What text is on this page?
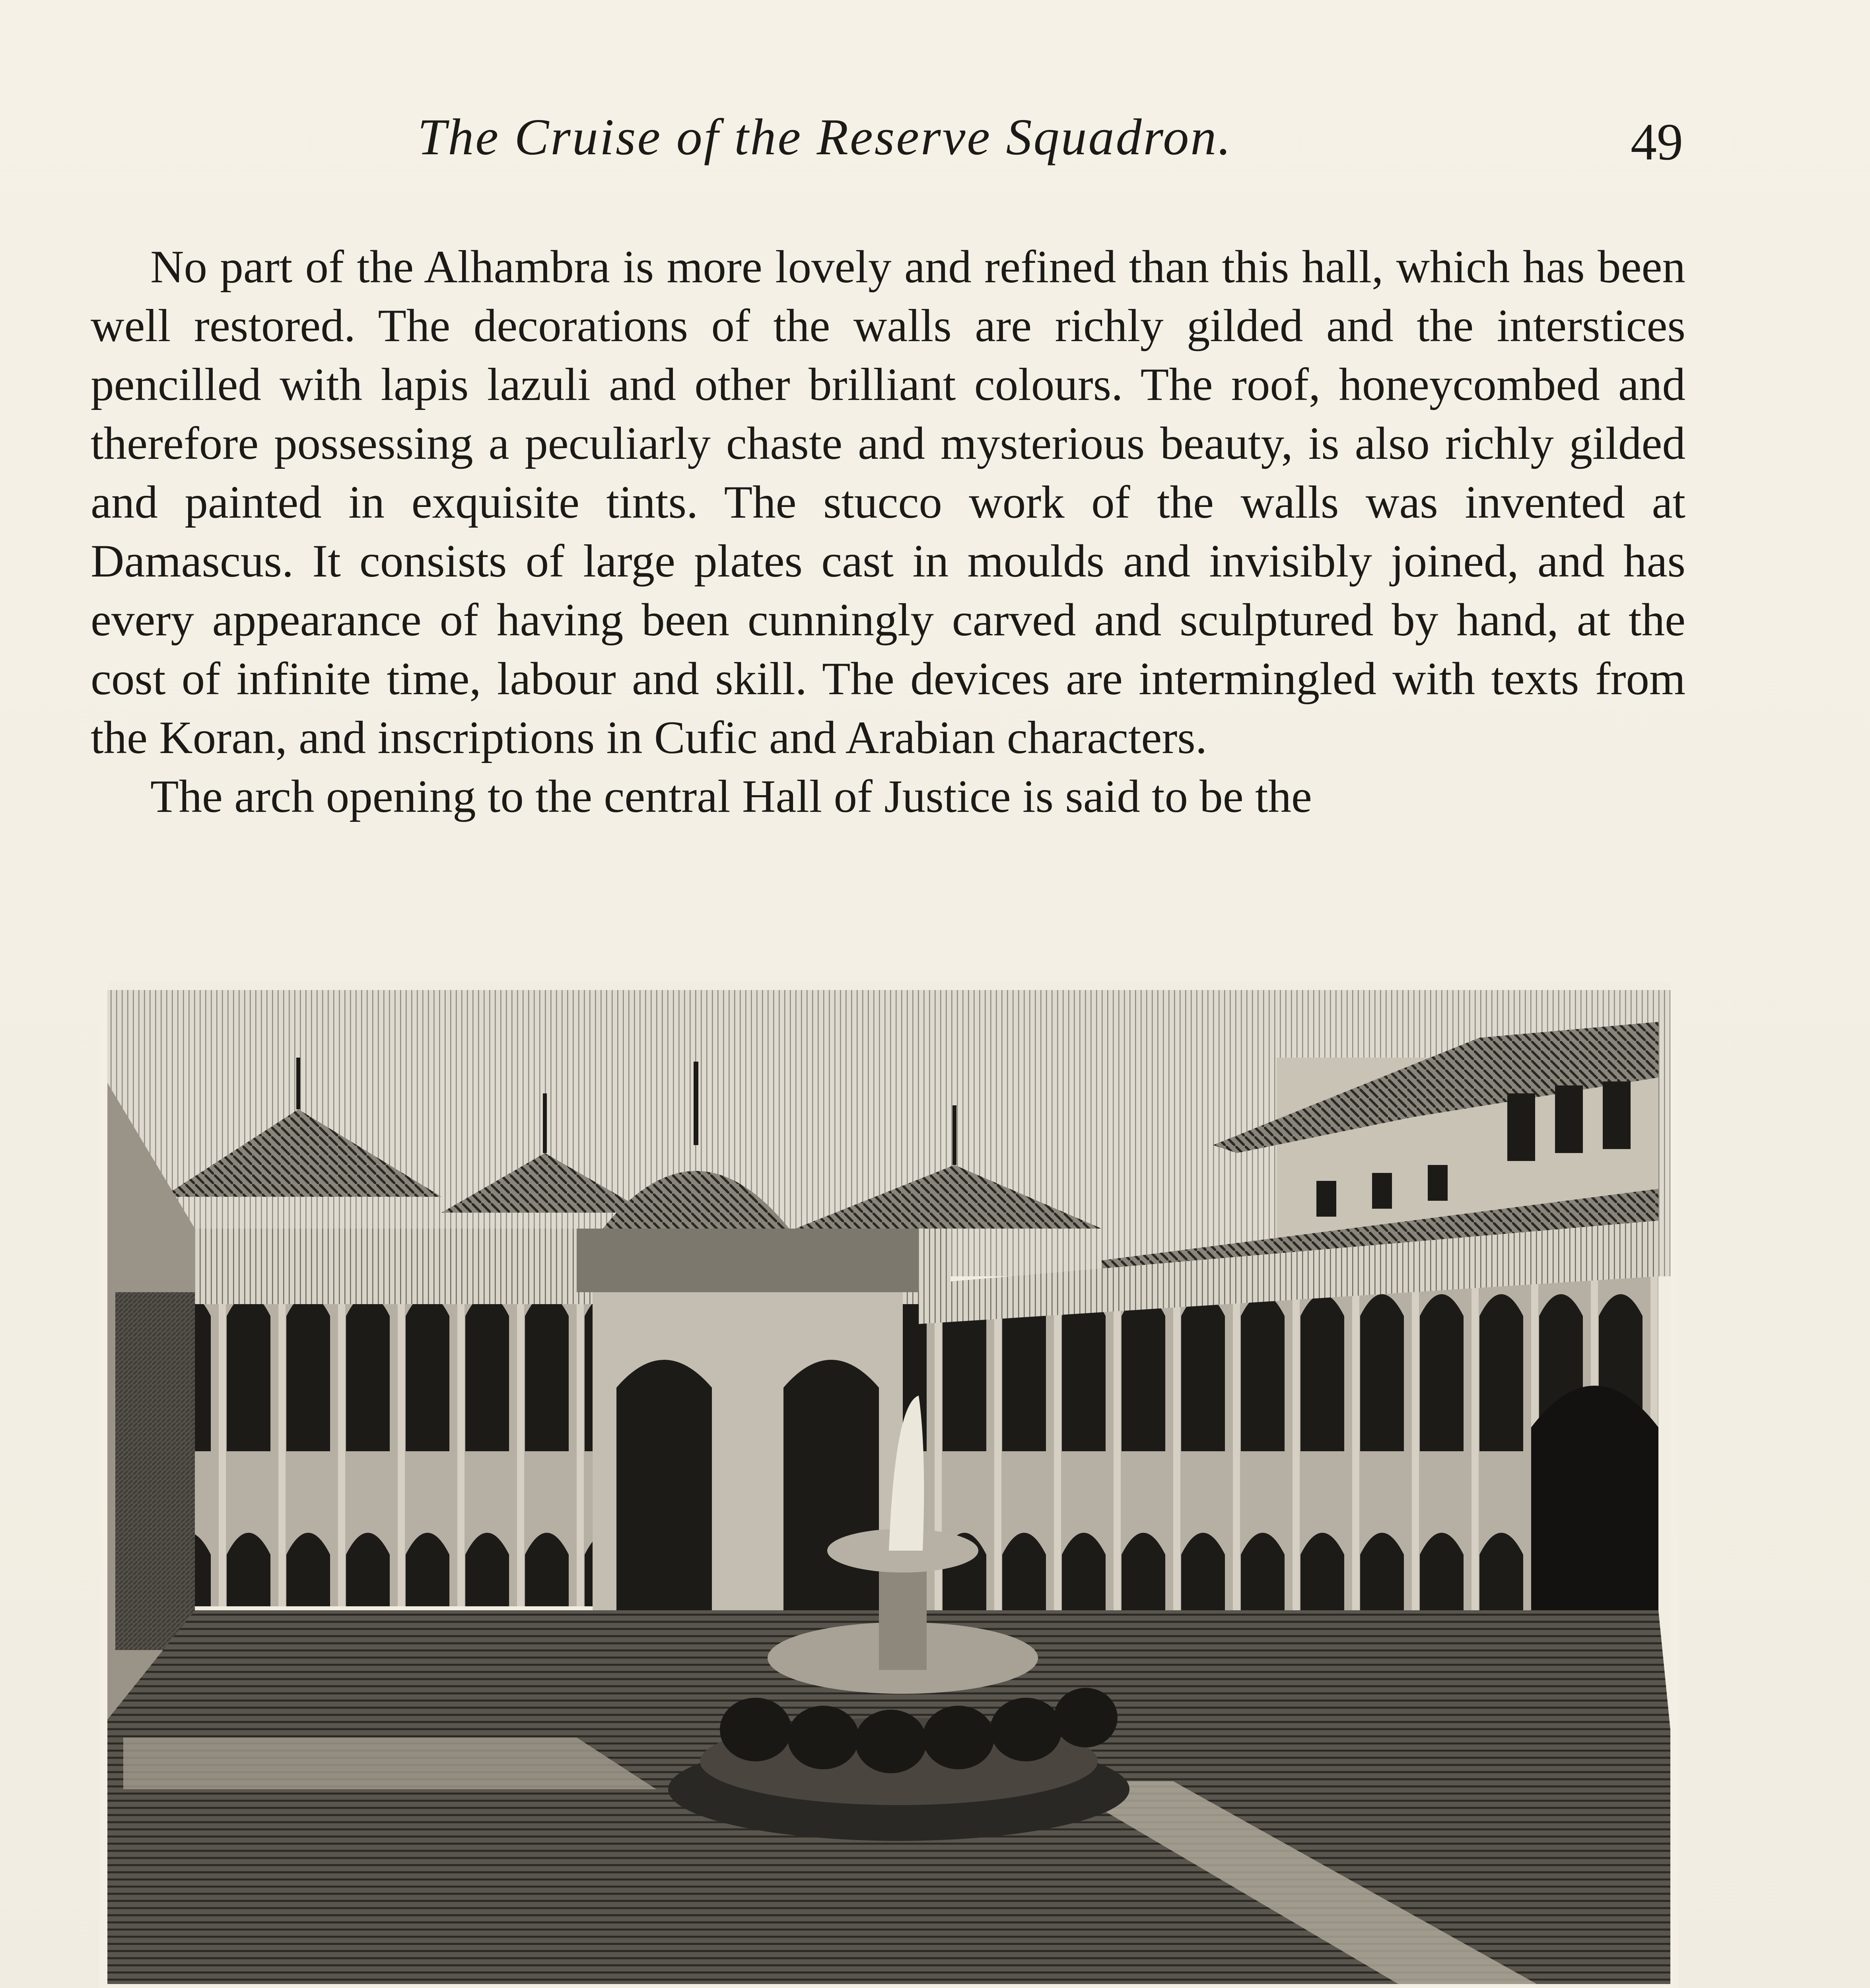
The Cruise of the Reserve Squadron.	49

No part of the Alhambra is more lovely and refined than this hall, which has been well restored. The decorations of the walls are richly gilded and the interstices pencilled with lapis lazuli and other brilliant colours. The roof, honeycombed and therefore possessing a peculiarly chaste and mysterious beauty, is also richly gilded and painted in exquisite tints. The stucco work of the walls was invented at Damascus. It consists of large plates cast in moulds and invisibly joined, and has every appearance of having been cunningly carved and sculptured by hand, at the cost of infinite time, labour and skill. The devices are intermingled with texts from the Koran, and inscriptions in Cufic and Arabian characters.

The arch opening to the central Hall of Justice is said to be the
